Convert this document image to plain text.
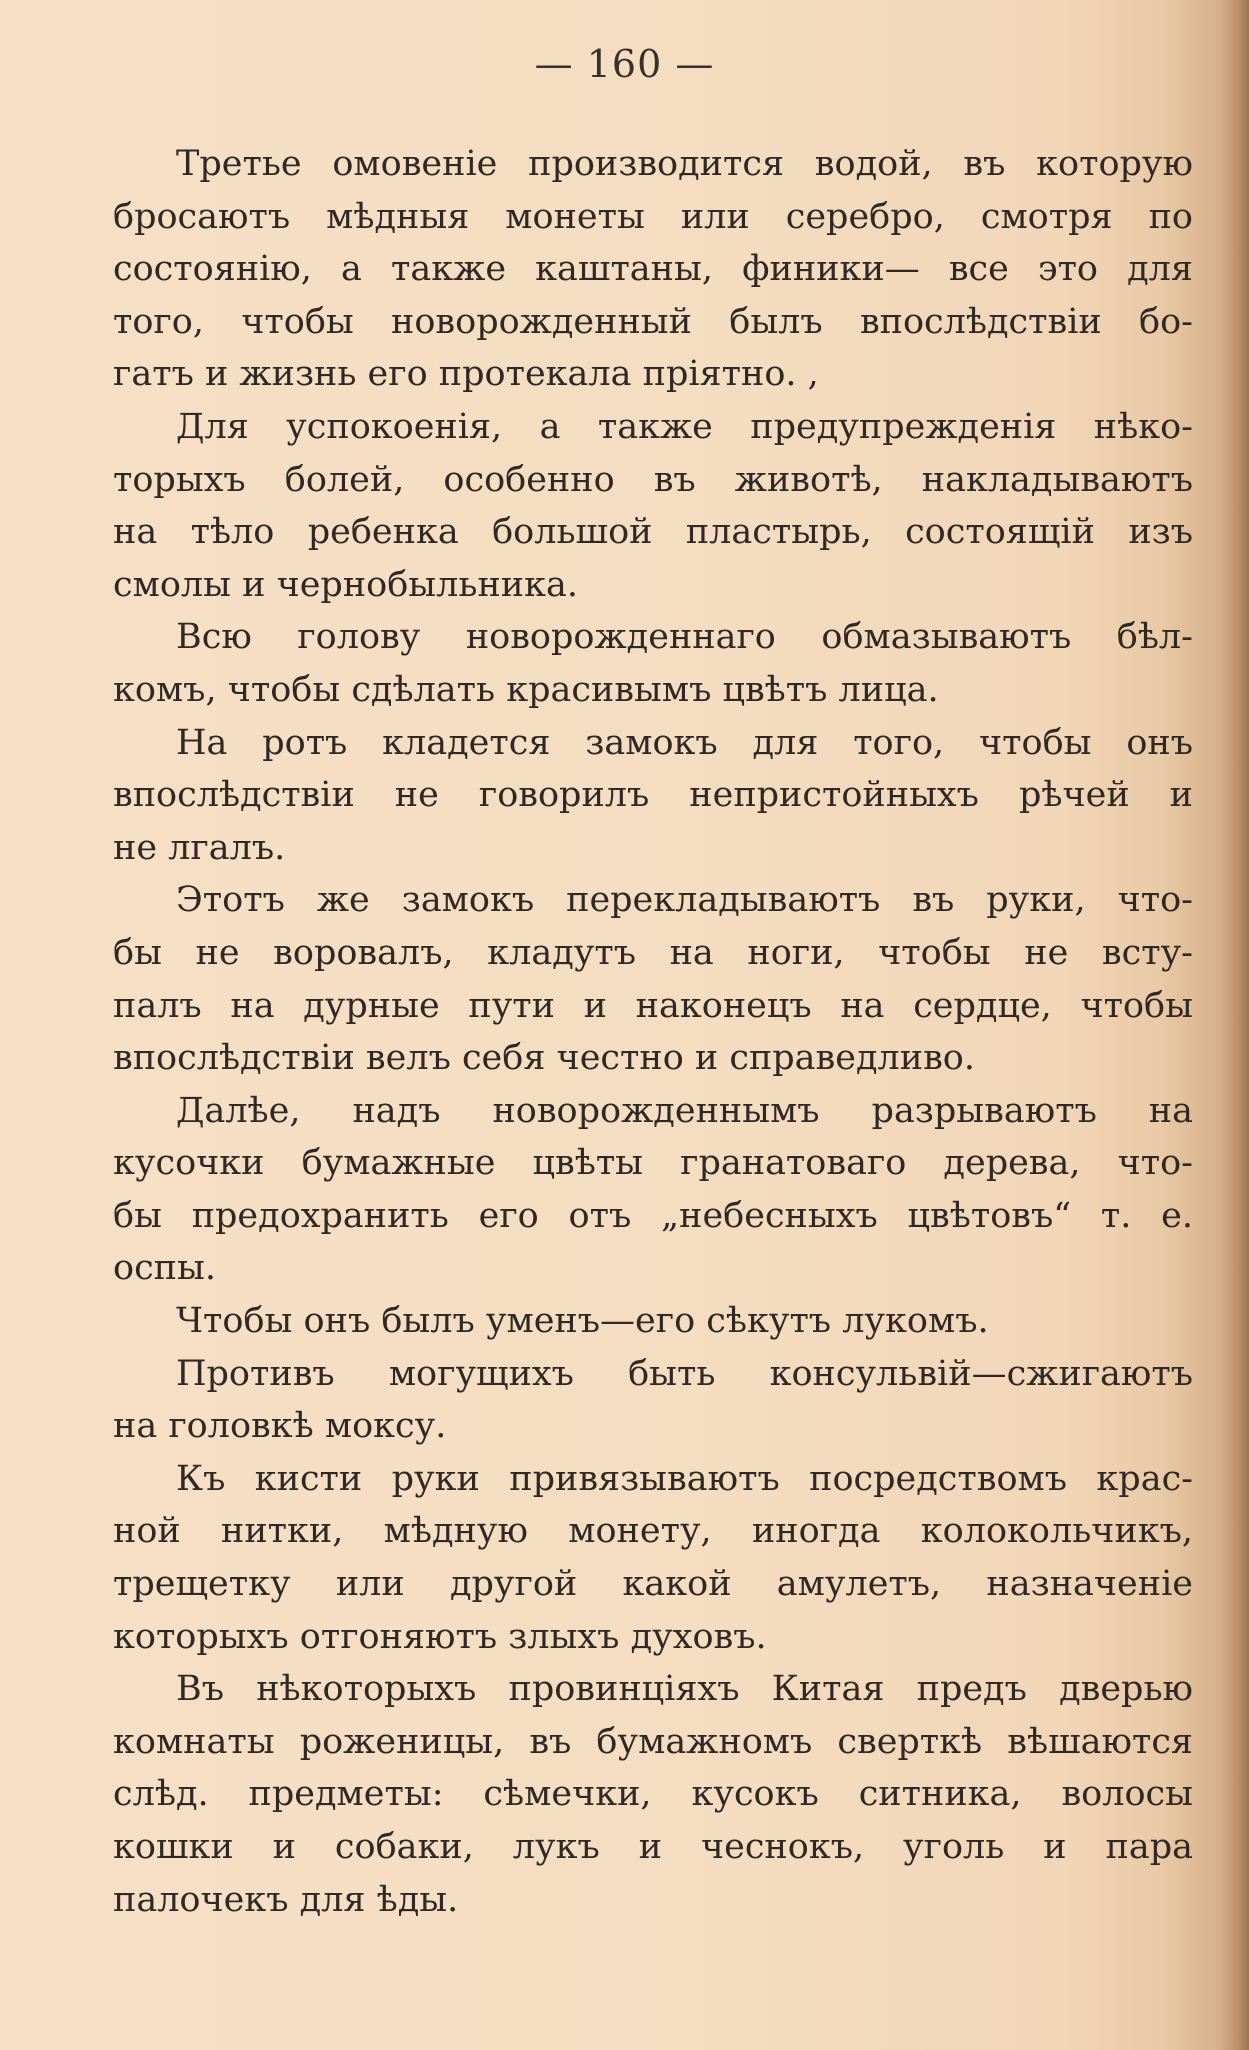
— 160 —
Третье омовеніе производится водой, въ которую
бросаютъ мѣдныя монеты или серебро, смотря по
состоянію, а также каштаны, финики— все это для
того, чтобы новорожденный былъ впослѣдствіи бо-
гатъ и жизнь его протекала пріятно. ,
Для успокоенія, а также предупрежденія нѣко-
торыхъ болей, особенно въ животѣ, накладываютъ
на тѣло ребенка большой пластырь, состоящій изъ
смолы и чернобыльника.
Всю голову новорожденнаго обмазываютъ бѣл-
комъ, чтобы сдѣлать красивымъ цвѣтъ лица.
На ротъ кладется замокъ для того, чтобы онъ
впослѣдствіи не говорилъ непристойныхъ рѣчей и
не лгалъ.
Этотъ же замокъ перекладываютъ въ руки, что-
бы не воровалъ, кладутъ на ноги, чтобы не всту-
палъ на дурные пути и наконецъ на сердце, чтобы
впослѣдствіи велъ себя честно и справедливо.
Далѣе, надъ новорожденнымъ разрываютъ на
кусочки бумажные цвѣты гранатоваго дерева, что-
бы предохранить его отъ „небесныхъ цвѣтовъ“ т. е.
оспы.
Чтобы онъ былъ уменъ—его сѣкутъ лукомъ.
Противъ могущихъ быть консульвій—сжигаютъ
на головкѣ моксу.
Къ кисти руки привязываютъ посредствомъ крас-
ной нитки, мѣдную монету, иногда колокольчикъ,
трещетку или другой какой амулетъ, назначеніе
которыхъ отгоняютъ злыхъ духовъ.
Въ нѣкоторыхъ провинціяхъ Китая предъ дверью
комнаты роженицы, въ бумажномъ сверткѣ вѣшаются
слѣд. предметы: сѣмечки, кусокъ ситника, волосы
кошки и собаки, лукъ и чеснокъ, уголь и пара
палочекъ для ѣды.
